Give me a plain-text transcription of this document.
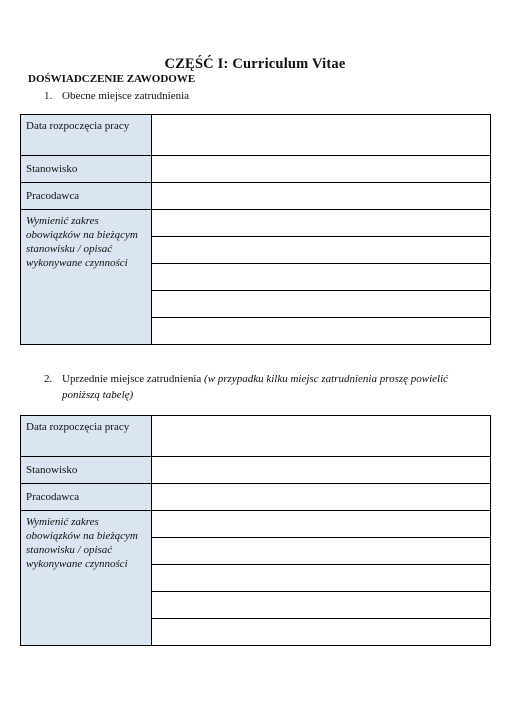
CZĘŚĆ I: Curriculum Vitae
DOŚWIADCZENIE ZAWODOWE
1. Obecne miejsce zatrudnienia
Data rozpoczęcia pracy	
Stanowisko	
Pracodawca	
Wymienić zakres obowiązków na bieżącym stanowisku / opisać wykonywane czynności	

2. Uprzednie miejsce zatrudnienia (w przypadku kilku miejsc zatrudnienia proszę powielić poniższą tabelę)
Data rozpoczęcia pracy	
Stanowisko	
Pracodawca	
Wymienić zakres obowiązków na bieżącym stanowisku / opisać wykonywane czynności	
